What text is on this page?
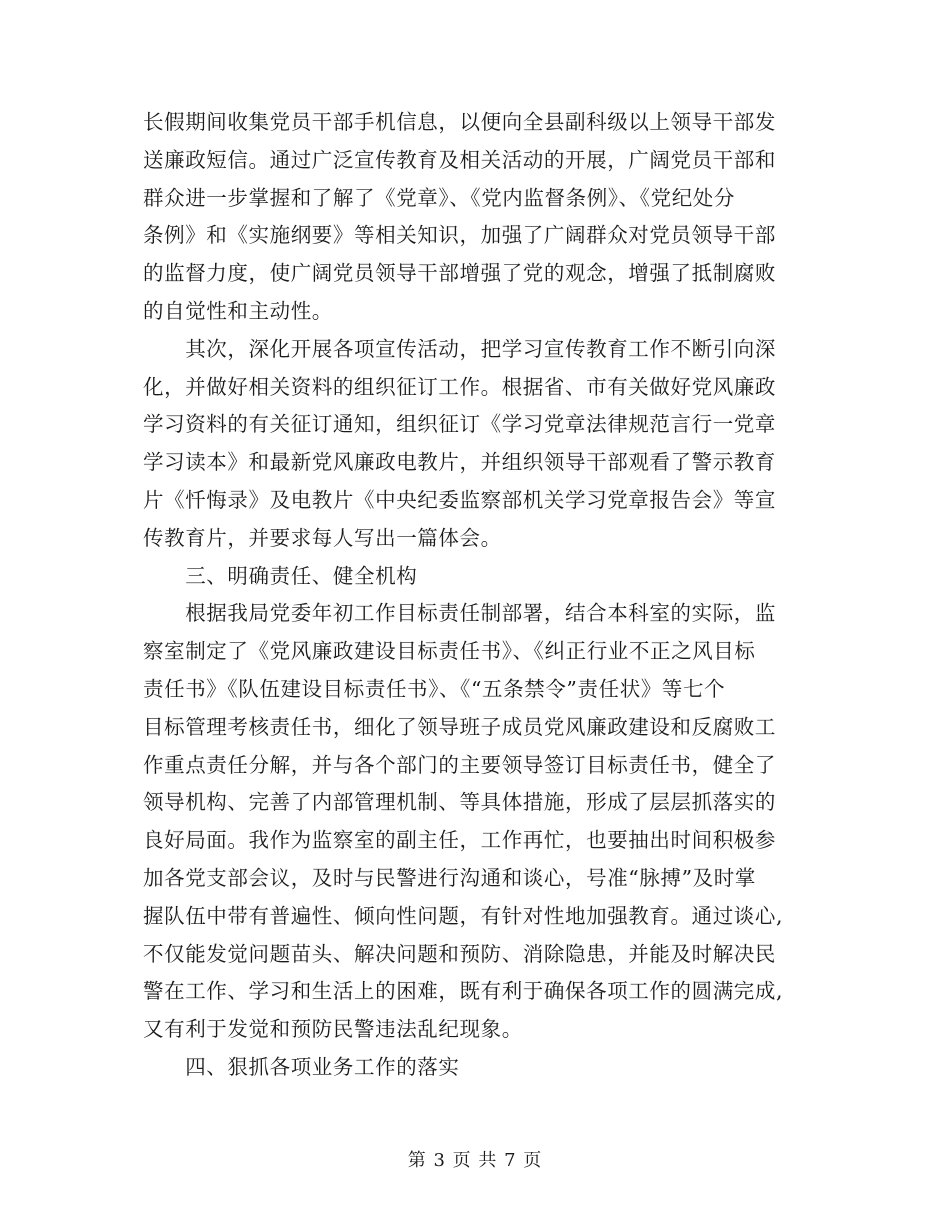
长假期间收集党员干部手机信息，以便向全县副科级以上领导干部发
送廉政短信。通过广泛宣传教育及相关活动的开展，广阔党员干部和
群众进一步掌握和了解了《党章》、《党内监督条例》、《党纪处分
条例》和《实施纲要》等相关知识，加强了广阔群众对党员领导干部
的监督力度，使广阔党员领导干部增强了党的观念，增强了抵制腐败
的自觉性和主动性。
　　其次，深化开展各项宣传活动，把学习宣传教育工作不断引向深
化，并做好相关资料的组织征订工作。根据省、市有关做好党风廉政
学习资料的有关征订通知，组织征订《学习党章法律规范言行一党章
学习读本》和最新党风廉政电教片，并组织领导干部观看了警示教育
片《忏悔录》及电教片《中央纪委监察部机关学习党章报告会》等宣
传教育片，并要求每人写出一篇体会。
　　三、明确责任、健全机构
　　根据我局党委年初工作目标责任制部署，结合本科室的实际，监
察室制定了《党风廉政建设目标责任书》、《纠正行业不正之风目标
责任书》《队伍建设目标责任书》、《“五条禁令”责任状》等七个
目标管理考核责任书，细化了领导班子成员党风廉政建设和反腐败工
作重点责任分解，并与各个部门的主要领导签订目标责任书，健全了
领导机构、完善了内部管理机制、等具体措施，形成了层层抓落实的
良好局面。我作为监察室的副主任，工作再忙，也要抽出时间积极参
加各党支部会议，及时与民警进行沟通和谈心，号准“脉搏”及时掌
握队伍中带有普遍性、倾向性问题，有针对性地加强教育。通过谈心,
不仅能发觉问题苗头、解决问题和预防、消除隐患，并能及时解决民
警在工作、学习和生活上的困难，既有利于确保各项工作的圆满完成,
又有利于发觉和预防民警违法乱纪现象。
　　四、狠抓各项业务工作的落实
第 3 页 共 7 页
